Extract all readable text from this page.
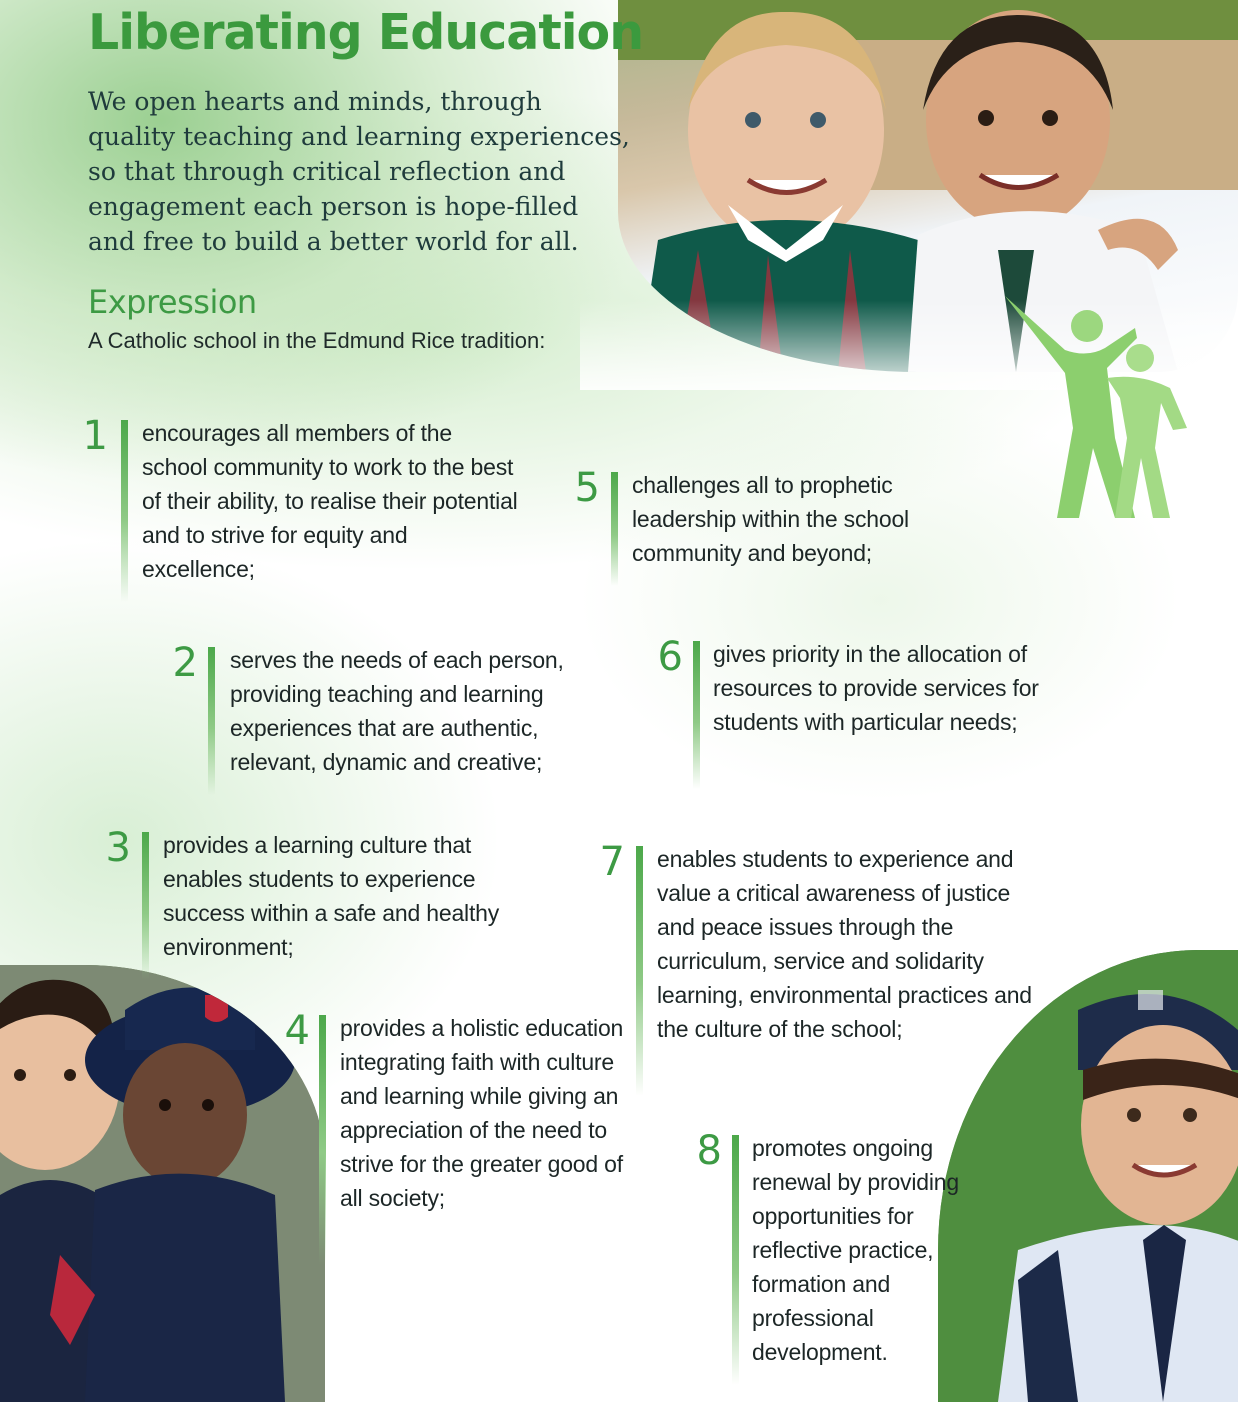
Liberating Education

We open hearts and minds, through quality teaching and learning experiences, so that through critical reflection and engagement each person is hope-filled and free to build a better world for all.

Expression

A Catholic school in the Edmund Rice tradition:

1 encourages all members of the school community to work to the best of their ability, to realise their potential and to strive for equity and excellence;
5 challenges all to prophetic leadership within the school community and beyond;
2 serves the needs of each person, providing teaching and learning experiences that are authentic, relevant, dynamic and creative;
6 gives priority in the allocation of resources to provide services for students with particular needs;
3 provides a learning culture that enables students to experience success within a safe and healthy environment;
7 enables students to experience and value a critical awareness of justice and peace issues through the curriculum, service and solidarity learning, environmental practices and the culture of the school;
4 provides a holistic education integrating faith with culture and learning while giving an appreciation of the need to strive for the greater good of all society;
8 promotes ongoing renewal by providing opportunities for reflective practice, formation and professional development.
